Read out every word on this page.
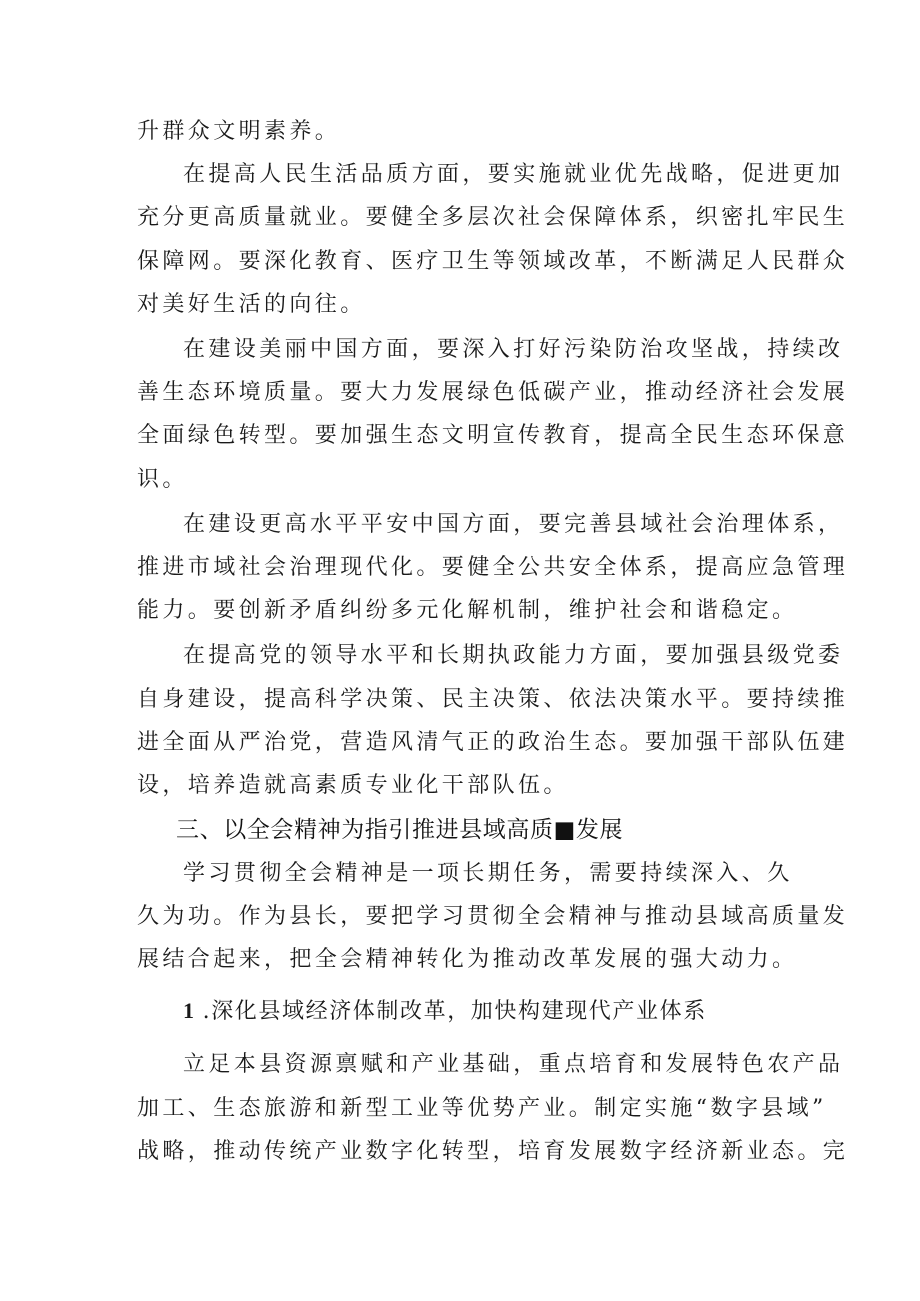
升群众文明素养。
在提高人民生活品质方面，要实施就业优先战略，促进更加
充分更高质量就业。要健全多层次社会保障体系，织密扎牢民生
保障网。要深化教育、医疗卫生等领域改革，不断满足人民群众
对美好生活的向往。
在建设美丽中国方面，要深入打好污染防治攻坚战，持续改
善生态环境质量。要大力发展绿色低碳产业，推动经济社会发展
全面绿色转型。要加强生态文明宣传教育，提高全民生态环保意
识。
在建设更高水平平安中国方面，要完善县域社会治理体系，
推进市域社会治理现代化。要健全公共安全体系，提高应急管理
能力。要创新矛盾纠纷多元化解机制，维护社会和谐稳定。
在提高党的领导水平和长期执政能力方面，要加强县级党委
自身建设，提高科学决策、民主决策、依法决策水平。要持续推
进全面从严治党，营造风清气正的政治生态。要加强干部队伍建
设，培养造就高素质专业化干部队伍。
三、以全会精神为指引推进县域高质■发展
学习贯彻全会精神是一项长期任务，需要持续深入、久
久为功。作为县长，要把学习贯彻全会精神与推动县域高质量发
展结合起来，把全会精神转化为推动改革发展的强大动力。
1 .深化县域经济体制改革，加快构建现代产业体系
立足本县资源禀赋和产业基础，重点培育和发展特色农产品
加工、生态旅游和新型工业等优势产业。制定实施“数字县域”
战略，推动传统产业数字化转型，培育发展数字经济新业态。完
